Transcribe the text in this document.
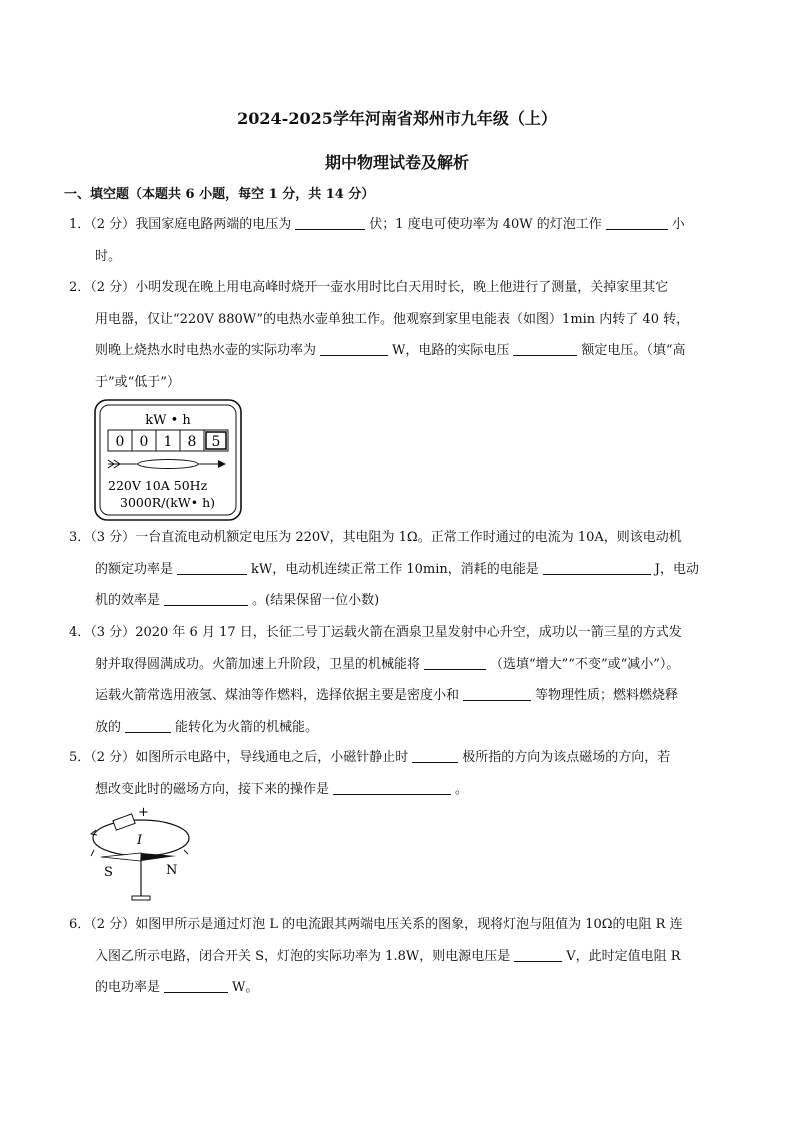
2024-2025学年河南省郑州市九年级（上）
期中物理试卷及解析
一、填空题（本题共 6 小题，每空 1 分，共 14 分）
1．（2 分）我国家庭电路两端的电压为	伏；1 度电可使功率为 40W 的灯泡工作	小
时。
2．（2 分）小明发现在晚上用电高峰时烧开一壶水用时比白天用时长，晚上他进行了测量，关掉家里其它
用电器，仅让“220V 880W”的电热水壶单独工作。他观察到家里电能表（如图）1min 内转了 40 转，
则晚上烧热水时电热水壶的实际功率为	W，电路的实际电压	额定电压。（填“高
于”或“低于”）
kW • h
0 0 1 8 5
220V 10A 50Hz
3000R/(kW• h)
3．（3 分）一台直流电动机额定电压为 220V，其电阻为 1Ω。正常工作时通过的电流为 10A，则该电动机
的额定功率是	kW，电动机连续正常工作 10min，消耗的电能是	J，电动
机的效率是	。(结果保留一位小数)
4．（3 分）2020 年 6 月 17 日，长征二号丁运载火箭在酒泉卫星发射中心升空，成功以一箭三星的方式发
射并取得圆满成功。火箭加速上升阶段，卫星的机械能将	（选填“增大”“不变”或“减小”）。
运载火箭常选用液氢、煤油等作燃料，选择依据主要是密度小和	等物理性质；燃料燃烧释
放的	能转化为火箭的机械能。
5．（2 分）如图所示电路中，导线通电之后，小磁针静止时	极所指的方向为该点磁场的方向，若
想改变此时的磁场方向，接下来的操作是	。
+
I
S	N
6．（2 分）如图甲所示是通过灯泡 L 的电流跟其两端电压关系的图象，现将灯泡与阻值为 10Ω的电阻 R 连
入图乙所示电路，闭合开关 S，灯泡的实际功率为 1.8W，则电源电压是	V，此时定值电阻 R
的电功率是	W。
